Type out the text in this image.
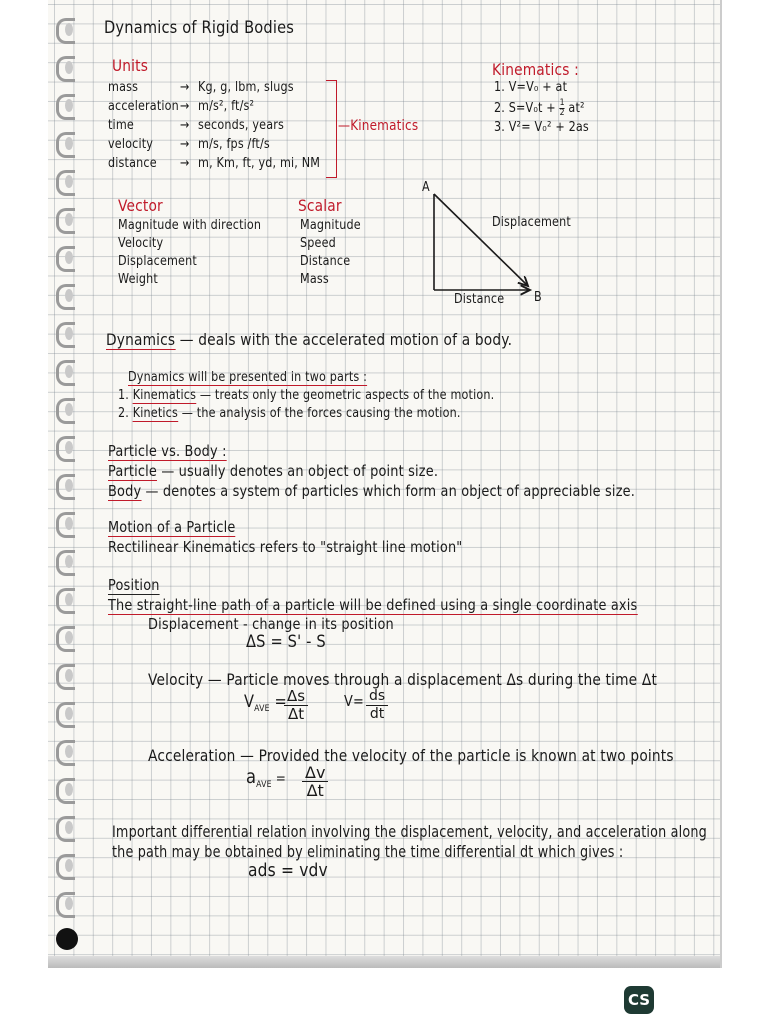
Dynamics of Rigid Bodies
Units
mass	→ Kg, g, lbm, slugs
acceleration → m/s², ft/s²
time	→ seconds, years
velocity → m/s, fps /ft/s
distance → m, Km, ft, yd, mi, NM
—Kinematics
Kinematics :
1. V=V₀ + at
2. $S=V_0t + \frac{1}{2} at^2$
3. V²= V₀² + 2as
Vector
Magnitude with direction
Velocity
Displacement
Weight
Scalar
Magnitude
Speed
Distance
Mass
A
B
Displacement
Distance
Dynamics — deals with the accelerated motion of a body.
Dynamics will be presented in two parts :
1. Kinematics — treats only the geometric aspects of the motion.
2. Kinetics — the analysis of the forces causing the motion.
Particle vs. Body :
Particle — usually denotes an object of point size.
Body — denotes a system of particles which form an object of appreciable size.
Motion of a Particle
Rectilinear Kinematics refers to "straight line motion"
Position
The straight-line path of a particle will be defined using a single coordinate axis
Displacement - change in its position
ΔS = S' - S
Velocity — Particle moves through a displacement Δs during the time Δt
$V_{AVE}$ =
$\frac{\Delta s}{\Delta t} V= \frac{ds}{dt}$
Acceleration — Provided the velocity of the particle is known at two points
$a_{AVE} = \frac{\Delta v}{\Delta t}$
Important differential relation involving the displacement, velocity, and acceleration along
the path may be obtained by eliminating the time differential dt which gives :
ads = vdv
CS
